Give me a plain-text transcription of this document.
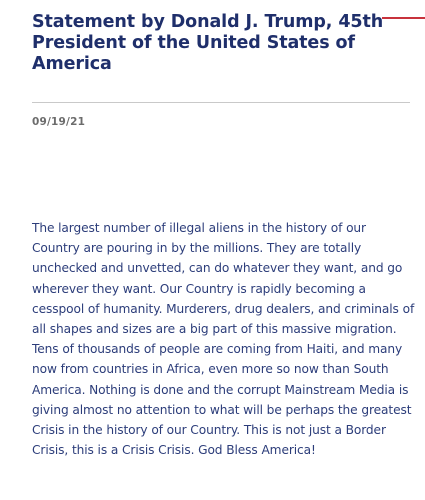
Statement by Donald J. Trump, 45th President of the United States of America
09/19/21

The largest number of illegal aliens in the history of our Country are pouring in by the millions. They are totally unchecked and unvetted, can do whatever they want, and go wherever they want. Our Country is rapidly becoming a cesspool of humanity. Murderers, drug dealers, and criminals of all shapes and sizes are a big part of this massive migration. Tens of thousands of people are coming from Haiti, and many now from countries in Africa, even more so now than South America. Nothing is done and the corrupt Mainstream Media is giving almost no attention to what will be perhaps the greatest Crisis in the history of our Country. This is not just a Border Crisis, this is a Crisis Crisis. God Bless America!
